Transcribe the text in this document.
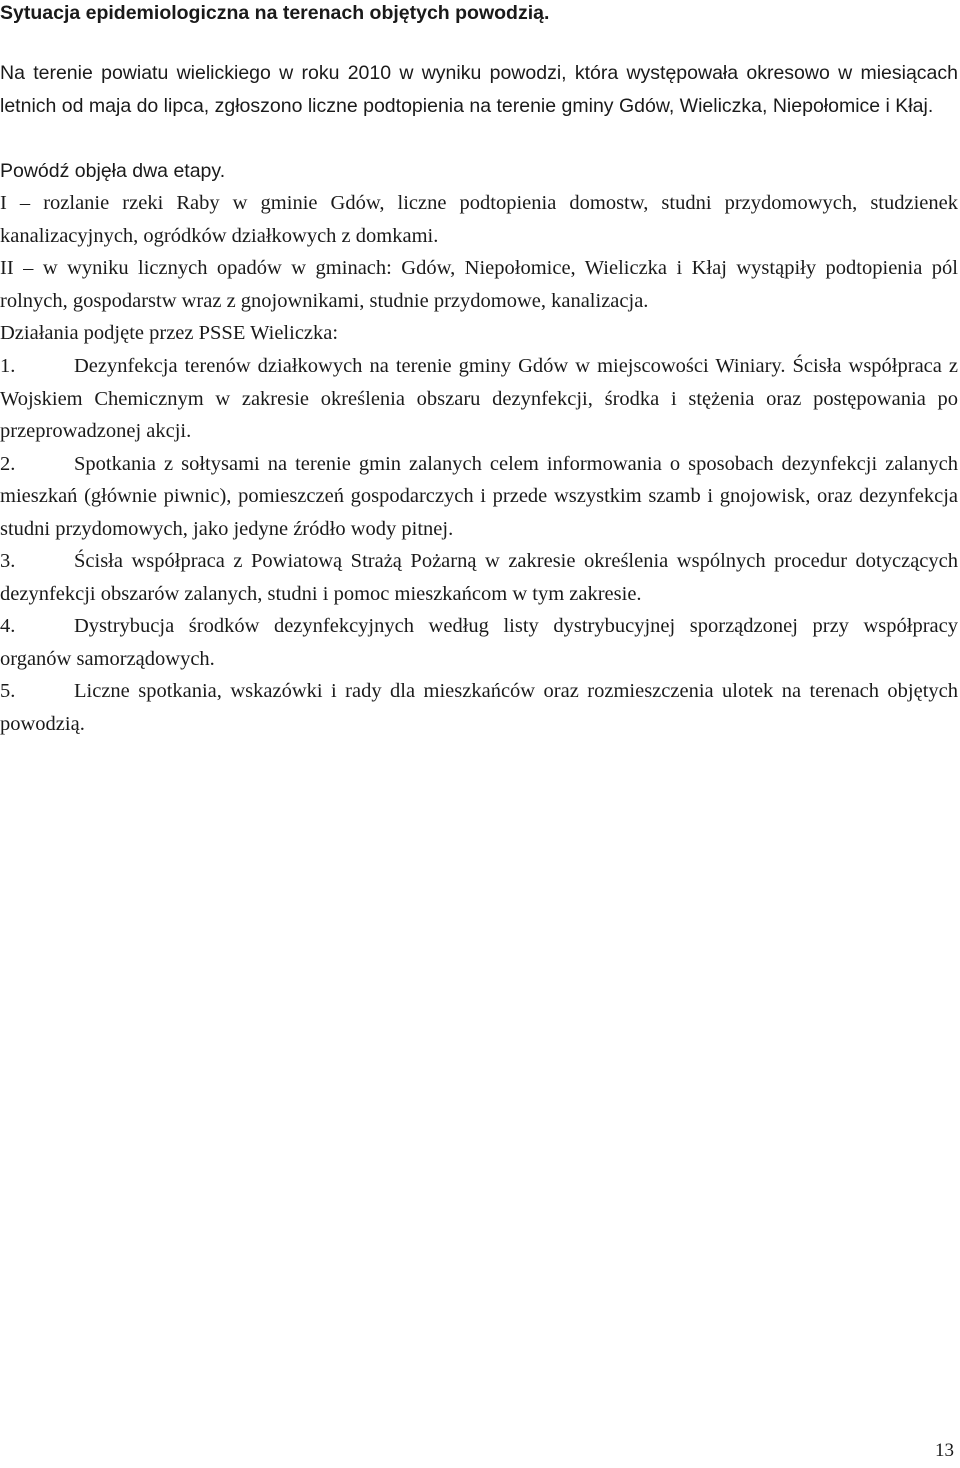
Sytuacja epidemiologiczna na terenach objętych powodzią.

Na terenie powiatu wielickiego w roku 2010 w wyniku powodzi, która występowała okresowo w miesiącach letnich od maja do lipca, zgłoszono liczne podtopienia na terenie gminy Gdów, Wieliczka, Niepołomice i Kłaj.

Powódź objęła dwa etapy.

I – rozlanie rzeki Raby w gminie Gdów, liczne podtopienia domostw, studni przydomowych, studzienek kanalizacyjnych, ogródków działkowych z domkami.

II – w wyniku licznych opadów w gminach: Gdów, Niepołomice, Wieliczka i Kłaj wystąpiły podtopienia pól rolnych, gospodarstw wraz z gnojownikami, studnie przydomowe, kanalizacja.

Działania podjęte przez PSSE Wieliczka:

1.	Dezynfekcja terenów działkowych na terenie gminy Gdów w miejscowości Winiary. Ścisła współpraca z Wojskiem Chemicznym w zakresie określenia obszaru dezynfekcji, środka i stężenia oraz postępowania po przeprowadzonej akcji.
2.	Spotkania z sołtysami na terenie gmin zalanych celem informowania o sposobach dezynfekcji zalanych mieszkań (głównie piwnic), pomieszczeń gospodarczych i przede wszystkim szamb i gnojowisk, oraz dezynfekcja studni przydomowych, jako jedyne źródło wody pitnej.
3.	Ścisła współpraca z Powiatową Strażą Pożarną w zakresie określenia wspólnych procedur dotyczących dezynfekcji obszarów zalanych, studni i pomoc mieszkańcom w tym zakresie.
4.	Dystrybucja środków dezynfekcyjnych według listy dystrybucyjnej sporządzonej przy współpracy organów samorządowych.
5.	Liczne spotkania, wskazówki i rady dla mieszkańców oraz rozmieszczenia ulotek na terenach objętych powodzią.
13
